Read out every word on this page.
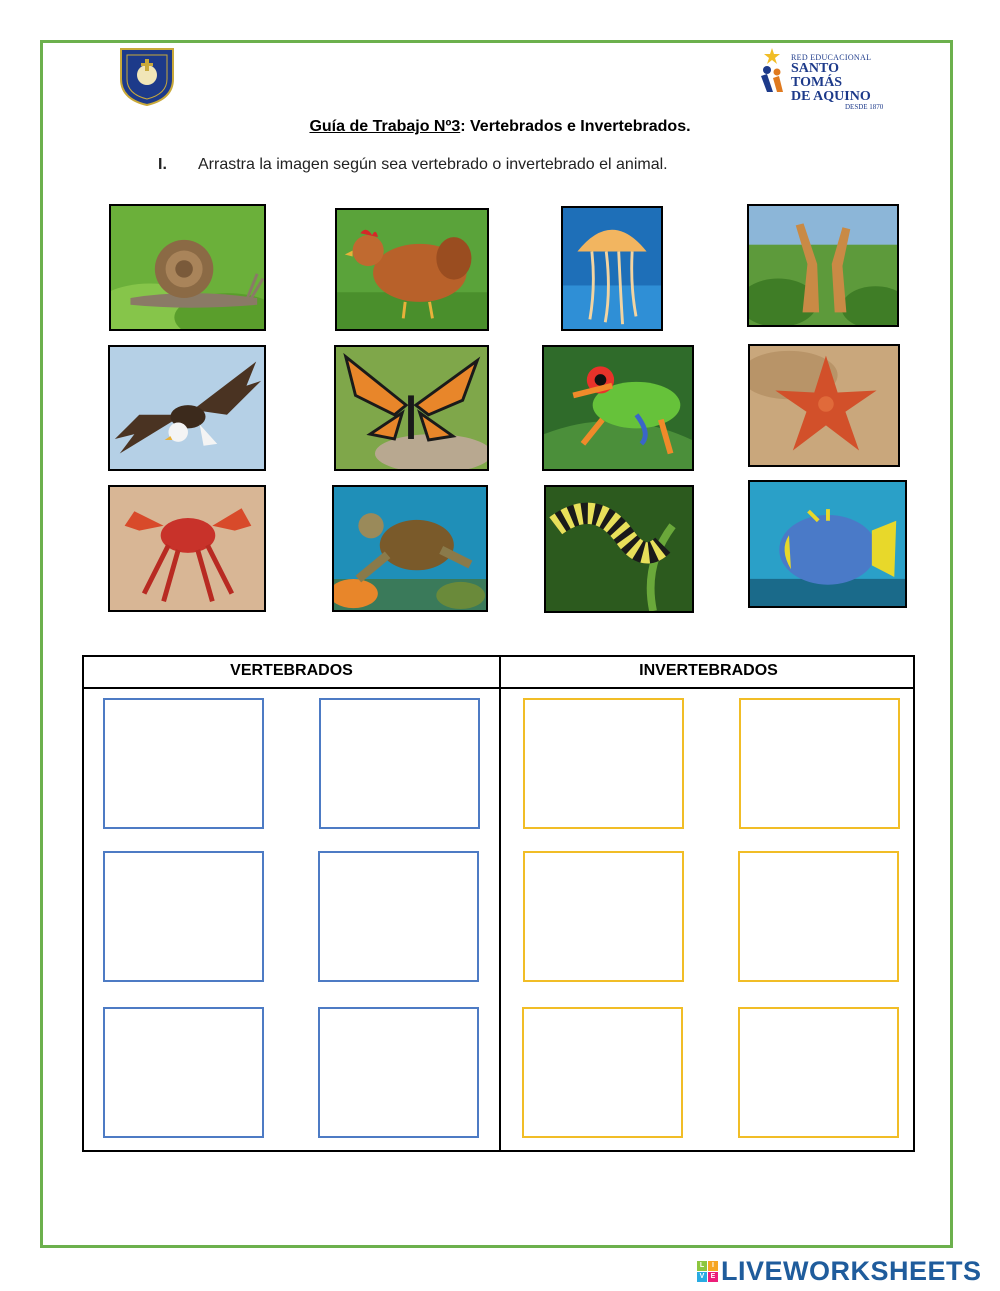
RED EDUCACIONAL
SANTO TOMÁS
DE AQUINO
DESDE 1870
Guía de Trabajo Nº3: Vertebrados e Invertebrados.
I. Arrastra la imagen según sea vertebrado o invertebrado el animal.
VERTEBRADOS	INVERTEBRADOS
L	I
V E LIVEWORKSHEETS
